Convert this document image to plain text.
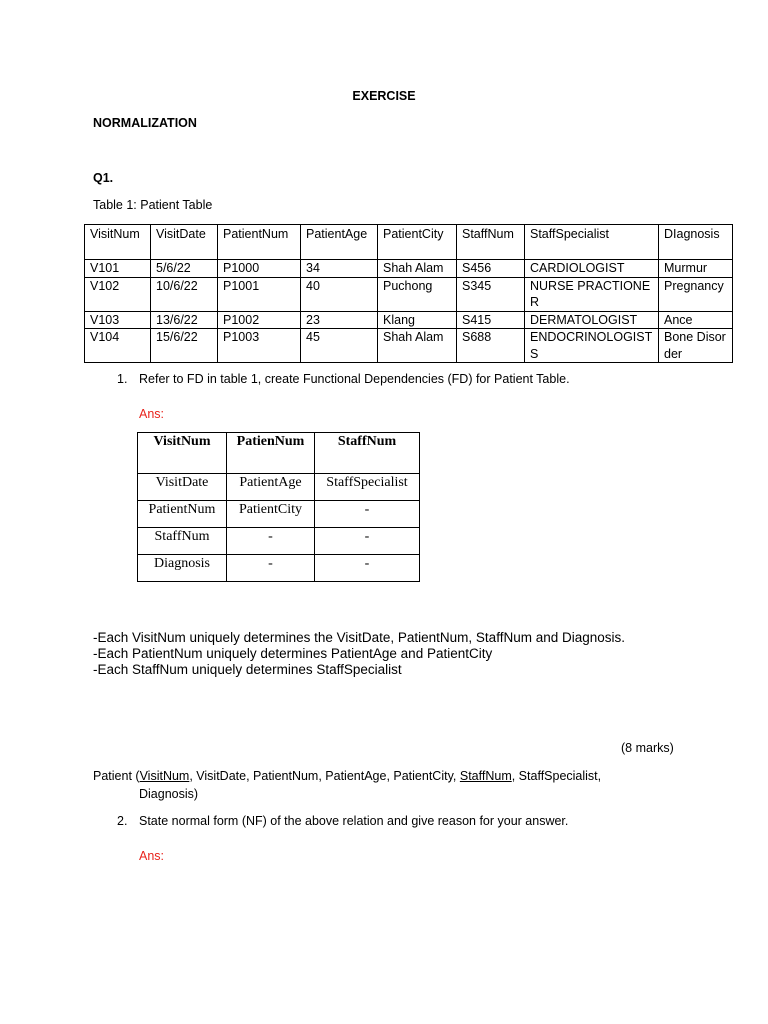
EXERCISE
NORMALIZATION
Q1.
Table 1: Patient Table
VisitNum	VisitDate	PatientNum	PatientAge	PatientCity	StaffNum	StaffSpecialist	DIagnosis
V101	5/6/22	P1000	34	Shah Alam	S456	CARDIOLOGIST	Murmur
V102	10/6/22	P1001	40	Puchong	S345	NURSE PRACTIONER	Pregnancy
V103	13/6/22	P1002	23	Klang	S415	DERMATOLOGIST	Ance
V104	15/6/22	P1003	45	Shah Alam	S688	ENDOCRINOLOGISTS	Bone Disorder
1. Refer to FD in table 1, create Functional Dependencies (FD) for Patient Table.
Ans:
VisitNum	PatienNum	StaffNum
VisitDate	PatientAge	StaffSpecialist
PatientNum	PatientCity	-
StaffNum	-	-
Diagnosis	-	-
-Each VisitNum uniquely determines the VisitDate, PatientNum, StaffNum and Diagnosis.
-Each PatientNum uniquely determines PatientAge and PatientCity
-Each StaffNum uniquely determines StaffSpecialist
(8 marks)
Patient (VisitNum, VisitDate, PatientNum, PatientAge, PatientCity, StaffNum, StaffSpecialist,
Diagnosis)
2. State normal form (NF) of the above relation and give reason for your answer.
Ans:
